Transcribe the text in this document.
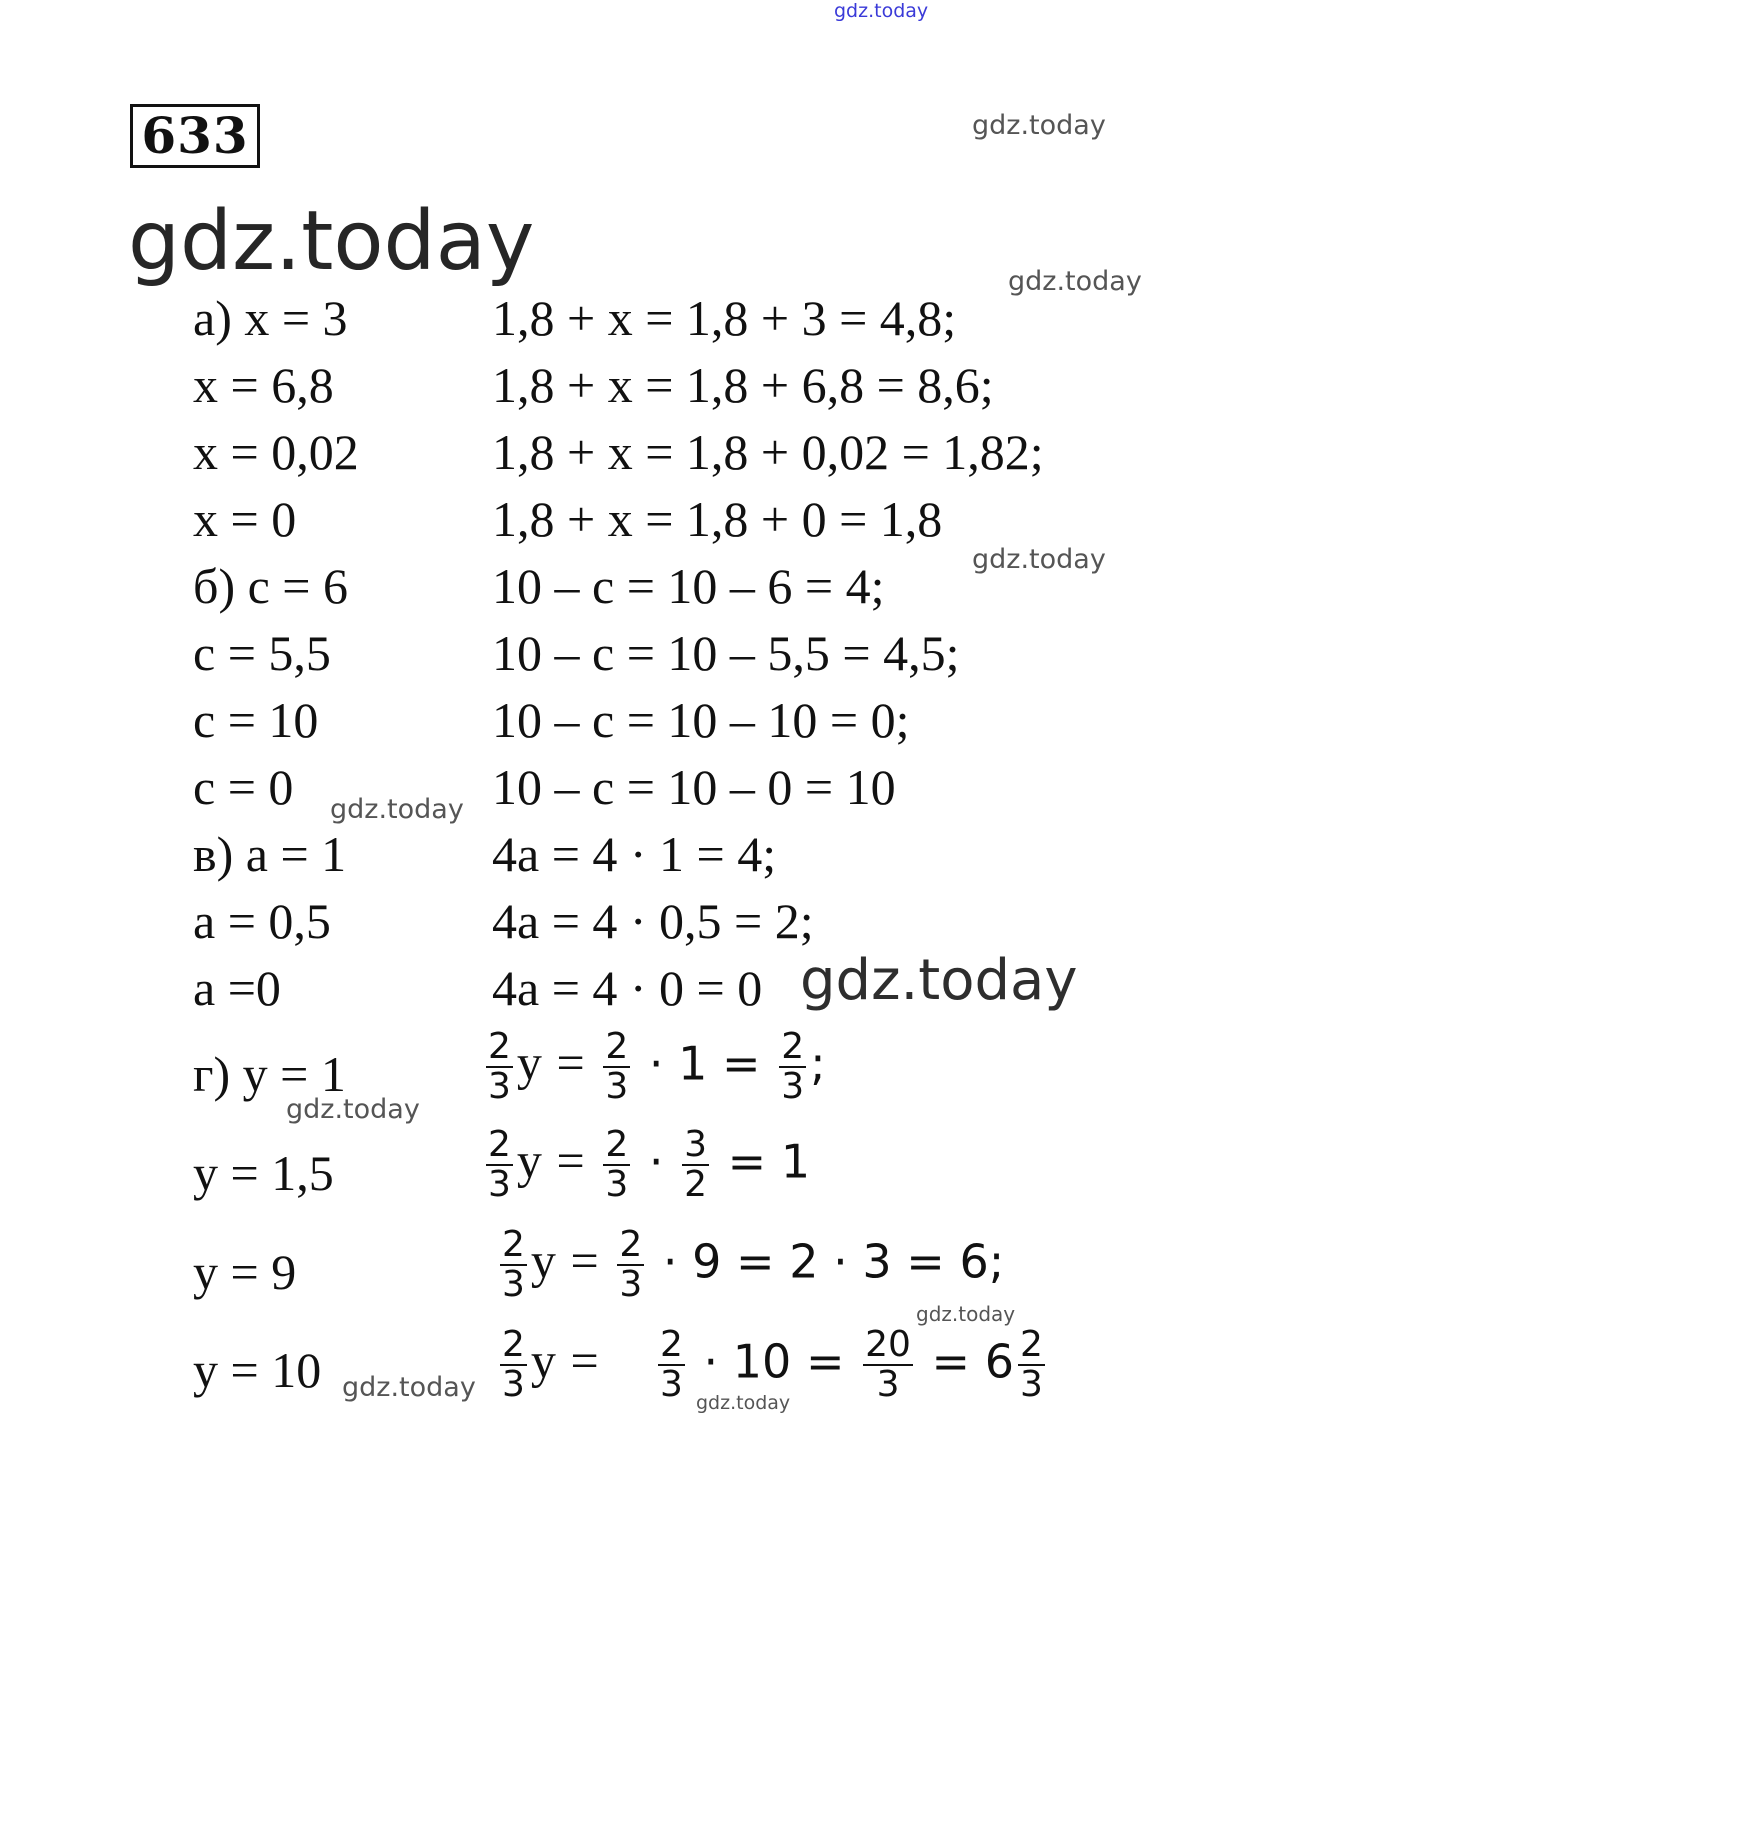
gdz.today
gdz.today
gdz.today	gdz.today
gdz.today
gdz.today
gdz.today
gdz.today
gdz.today
gdz.today	gdz.today
633
а) x = 3	1,8 + x = 1,8 + 3 = 4,8;
x = 6,8	1,8 + x = 1,8 + 6,8 = 8,6;
x = 0,02	1,8 + x = 1,8 + 0,02 = 1,82;
x = 0	1,8 + x = 1,8 + 0 = 1,8
б) c = 6	10 – c = 10 – 6 = 4;
c = 5,5	10 – c = 10 – 5,5 = 4,5;
c = 10	10 – c = 10 – 10 = 0;
c = 0	10 – c = 10 – 0 = 10
в) a = 1	4a = 4 · 1 = 4;
a = 0,5	4a = 4 · 0,5 = 2;
a =0	4a = 4 · 0 = 0
г) y = 1	$\frac{2}{3}$ $y = \frac{2}{3} \cdot 1 = \frac{2}{3}$ ;
y = 1,5	$\frac{2}{3}$ $y = \frac{2}{3} \cdot \frac{3}{2} = 1$
y = 9	$\frac{2}{3}$ $y = \frac{2}{3} \cdot 9 = 2 \cdot 3 = 6$;
y = 10	$\frac{2}{3}$ $y = \frac{2}{3} \cdot 10 = \frac{20}{3} = 6 \frac{2}{3}$
